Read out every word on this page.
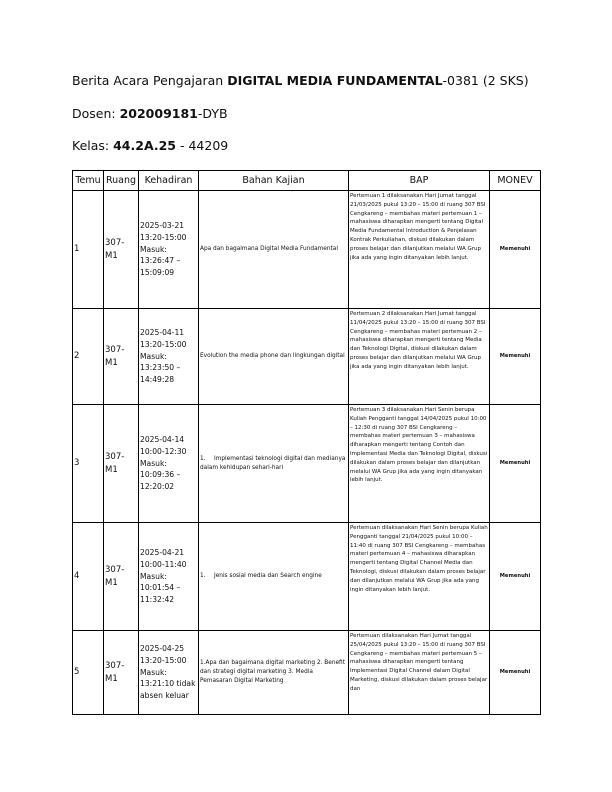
Berita Acara Pengajaran DIGITAL MEDIA FUNDAMENTAL-0381 (2 SKS)
Dosen: 202009181-DYB
Kelas: 44.2A.25 - 44209
Temu	Ruang	Kehadiran	Bahan Kajian	BAP	MONEV
1	307-M1	2025-03-21 13:20-15:00 Masuk: 13:26:47 – 15:09:09	Apa dan bagaimana Digital Media Fundamental	Pertemuan 1 dilaksanakan Hari Jumat tanggal 21/03/2025 pukul 13:20 – 15:00 di ruang 307 BSI Cengkareng – membahas materi pertemuan 1 – mahasiswa diharapkan mengerti tentang Digital Media Fundamental Introduction & Penjelasan Kontrak Perkuliahan, diskusi dilakukan dalam proses belajar dan dilanjutkan melalui WA Grup jika ada yang ingin ditanyakan lebih lanjut.	Memenuhi
2	307-M1	2025-04-11 13:20-15:00 Masuk: 13:23:50 – 14:49:28	Evolution the media phone dan lingkungan digital	Pertemuan 2 dilaksanakan Hari Jumat tanggal 11/04/2025 pukul 13:20 – 15:00 di ruang 307 BSI Cengkareng – membahas materi pertemuan 2 – mahasiswa diharapkan mengerti tentang Media dan Teknologi Digital, diskusi dilakukan dalam proses belajar dan dilanjutkan melalui WA Grup jika ada yang ingin ditanyakan lebih lanjut.	Memenuhi
3	307-M1	2025-04-14 10:00-12:30 Masuk: 10:09:36 – 12:20:02	1. Implementasi teknologi digital dan medianya dalam kehidupan sehari-hari	Pertemuan 3 dilaksanakan Hari Senin berupa Kuliah Pengganti tanggal 14/04/2025 pukul 10:00 – 12:30 di ruang 307 BSI Cengkareng – membahas materi pertemuan 3 – mahasiswa diharapkan mengerti tentang Contoh dan Implementasi Media dan Teknologi Digital, diskusi dilakukan dalam proses belajar dan dilanjutkan melalui WA Grup jika ada yang ingin ditanyakan lebih lanjut.	Memenuhi
4	307-M1	2025-04-21 10:00-11:40 Masuk: 10:01:54 – 11:32:42	1. Jenis sosial media dan Search engine	Pertemuan dilaksanakan Hari Senin berupa Kuliah Pengganti tanggal 21/04/2025 pukul 10:00 – 11:40 di ruang 307 BSI Cengkareng – membahas materi pertemuan 4 – mahasiswa diharapkan mengerti tentang Digital Channel Media dan Teknologi, diskusi dilakukan dalam proses belajar dan dilanjutkan melalui WA Grup jika ada yang ingin ditanyakan lebih lanjut.	Memenuhi
5	307-M1	2025-04-25 13:20-15:00 Masuk: 13:21:10 tidak absen keluar	1.Apa dan bagaimana digital marketing 2. Benefit dan strategi digital marketing 3. Media Pemasaran Digital Marketing	Pertemuan dilaksanakan Hari Jumat tanggal 25/04/2025 pukul 13:20 – 15:00 di ruang 307 BSI Cengkareng – membahas materi pertemuan 5 – mahasiswa diharapkan mengerti tentang Implementasi Digital Channel dalam Digital Marketing, diskusi dilakukan dalam proses belajar dan	Memenuhi
